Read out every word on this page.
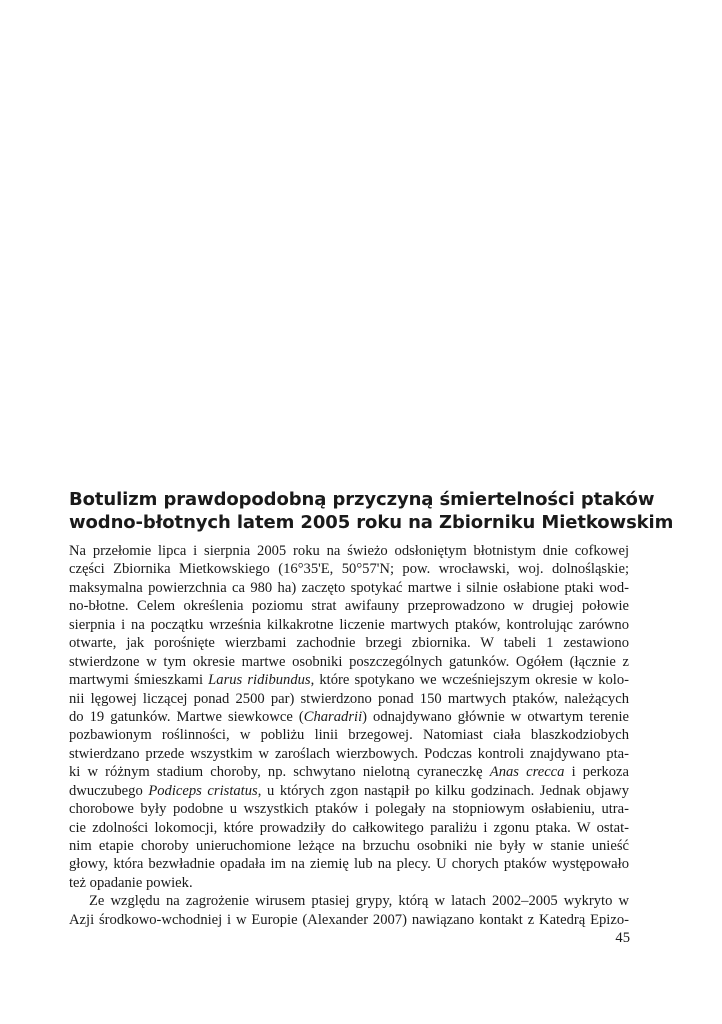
Botulizm prawdopodobną przyczyną śmiertelności ptaków
wodno-błotnych latem 2005 roku na Zbiorniku Mietkowskim
Na przełomie lipca i sierpnia 2005 roku na świeżo odsłoniętym błotnistym dnie cofkowej
części Zbiornika Mietkowskiego (16°35'E, 50°57'N; pow. wrocławski, woj. dolnośląskie;
maksymalna powierzchnia ca 980 ha) zaczęto spotykać martwe i silnie osłabione ptaki wod-
no-błotne. Celem określenia poziomu strat awifauny przeprowadzono w drugiej połowie
sierpnia i na początku września kilkakrotne liczenie martwych ptaków, kontrolując zarówno
otwarte, jak porośnięte wierzbami zachodnie brzegi zbiornika. W tabeli 1 zestawiono
stwierdzone w tym okresie martwe osobniki poszczególnych gatunków. Ogółem (łącznie z
martwymi śmieszkami Larus ridibundus, które spotykano we wcześniejszym okresie w kolo-
nii lęgowej liczącej ponad 2500 par) stwierdzono ponad 150 martwych ptaków, należących
do 19 gatunków. Martwe siewkowce (Charadrii) odnajdywano głównie w otwartym terenie
pozbawionym roślinności, w pobliżu linii brzegowej. Natomiast ciała blaszkodziobych
stwierdzano przede wszystkim w zaroślach wierzbowych. Podczas kontroli znajdywano pta-
ki w różnym stadium choroby, np. schwytano nielotną cyraneczkę Anas crecca i perkoza
dwuczubego Podiceps cristatus, u których zgon nastąpił po kilku godzinach. Jednak objawy
chorobowe były podobne u wszystkich ptaków i polegały na stopniowym osłabieniu, utra-
cie zdolności lokomocji, które prowadziły do całkowitego paraliżu i zgonu ptaka. W ostat-
nim etapie choroby unieruchomione leżące na brzuchu osobniki nie były w stanie unieść
głowy, która bezwładnie opadała im na ziemię lub na plecy. U chorych ptaków występowało
też opadanie powiek.
Ze względu na zagrożenie wirusem ptasiej grypy, którą w latach 2002–2005 wykryto w
Azji środkowo-wchodniej i w Europie (Alexander 2007) nawiązano kontakt z Katedrą Epizo-
45
